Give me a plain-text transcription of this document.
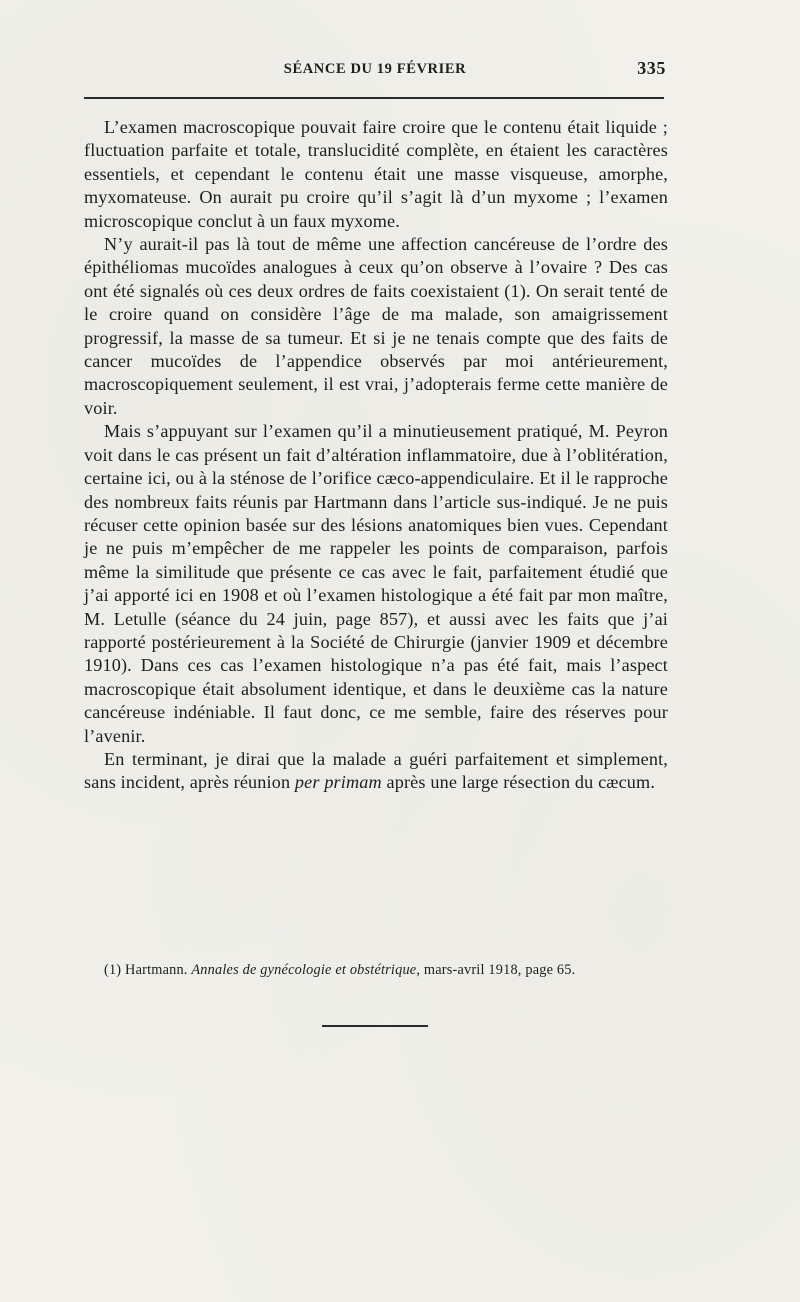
SÉANCE DU 19 FÉVRIER	335

L’examen macroscopique pouvait faire croire que le contenu était liquide ; fluctuation parfaite et totale, translucidité complète, en étaient les caractères essentiels, et cependant le contenu était une masse visqueuse, amorphe, myxomateuse. On aurait pu croire qu’il s’agit là d’un myxome ; l’examen microscopique conclut à un faux myxome.

N’y aurait-il pas là tout de même une affection cancéreuse de l’ordre des épithéliomas mucoïdes analogues à ceux qu’on observe à l’ovaire ? Des cas ont été signalés où ces deux ordres de faits coexistaient (1). On serait tenté de le croire quand on considère l’âge de ma malade, son amaigrissement progressif, la masse de sa tumeur. Et si je ne tenais compte que des faits de cancer mucoïdes de l’appendice observés par moi antérieurement, macroscopiquement seulement, il est vrai, j’adopterais ferme cette manière de voir.

Mais s’appuyant sur l’examen qu’il a minutieusement pratiqué, M. Peyron voit dans le cas présent un fait d’altération inflammatoire, due à l’oblitération, certaine ici, ou à la sténose de l’orifice cæco-appendiculaire. Et il le rapproche des nombreux faits réunis par Hartmann dans l’article sus-indiqué. Je ne puis récuser cette opinion basée sur des lésions anatomiques bien vues. Cependant je ne puis m’empêcher de me rappeler les points de comparaison, parfois même la similitude que présente ce cas avec le fait, parfaitement étudié que j’ai apporté ici en 1908 et où l’examen histologique a été fait par mon maître, M. Letulle (séance du 24 juin, page 857), et aussi avec les faits que j’ai rapporté postérieurement à la Société de Chirurgie (janvier 1909 et décembre 1910). Dans ces cas l’examen histologique n’a pas été fait, mais l’aspect macroscopique était absolument identique, et dans le deuxième cas la nature cancéreuse indéniable. Il faut donc, ce me semble, faire des réserves pour l’avenir.

En terminant, je dirai que la malade a guéri parfaitement et simplement, sans incident, après réunion per primam après une large résection du cæcum.

(1) Hartmann. Annales de gynécologie et obstétrique, mars-avril 1918, page 65.
